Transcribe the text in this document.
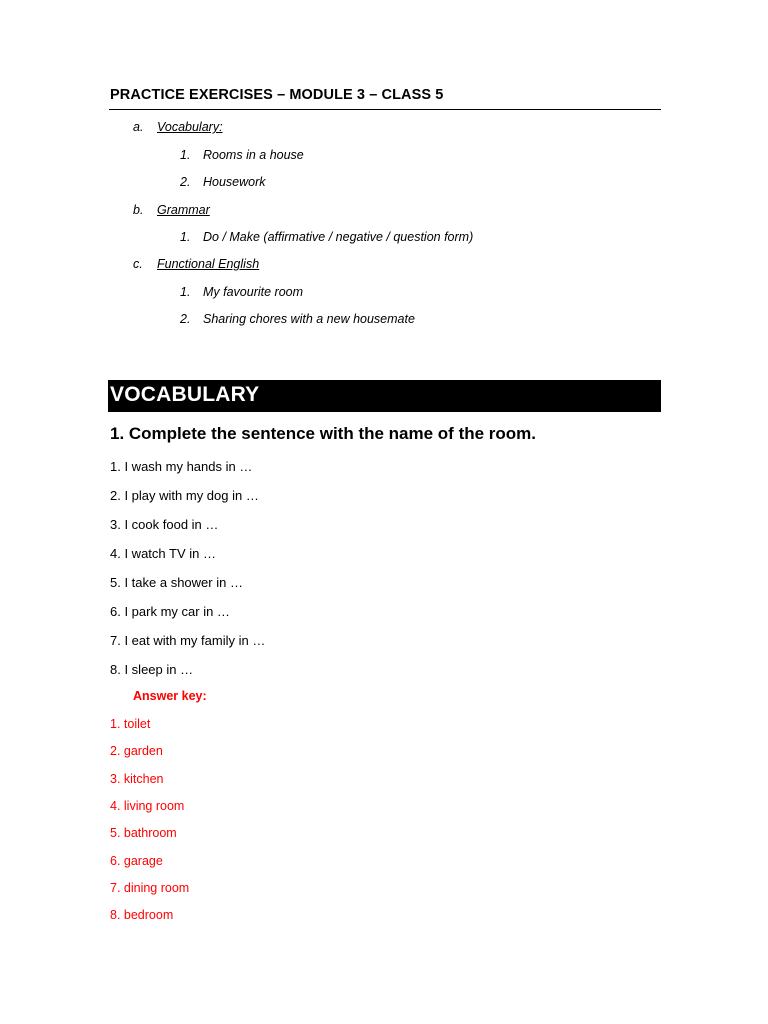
PRACTICE EXERCISES – MODULE 3 – CLASS 5
a. Vocabulary:
1. Rooms in a house
2. Housework
b. Grammar
1. Do / Make (affirmative / negative / question form)
c. Functional English
1. My favourite room
2. Sharing chores with a new housemate
VOCABULARY
1. Complete the sentence with the name of the room.
1. I wash my hands in …
2. I play with my dog in …
3. I cook food in …
4. I watch TV in …
5. I take a shower in …
6. I park my car in …
7. I eat with my family in …
8. I sleep in …
Answer key:
1. toilet
2. garden
3. kitchen
4. living room
5. bathroom
6. garage
7. dining room
8. bedroom
